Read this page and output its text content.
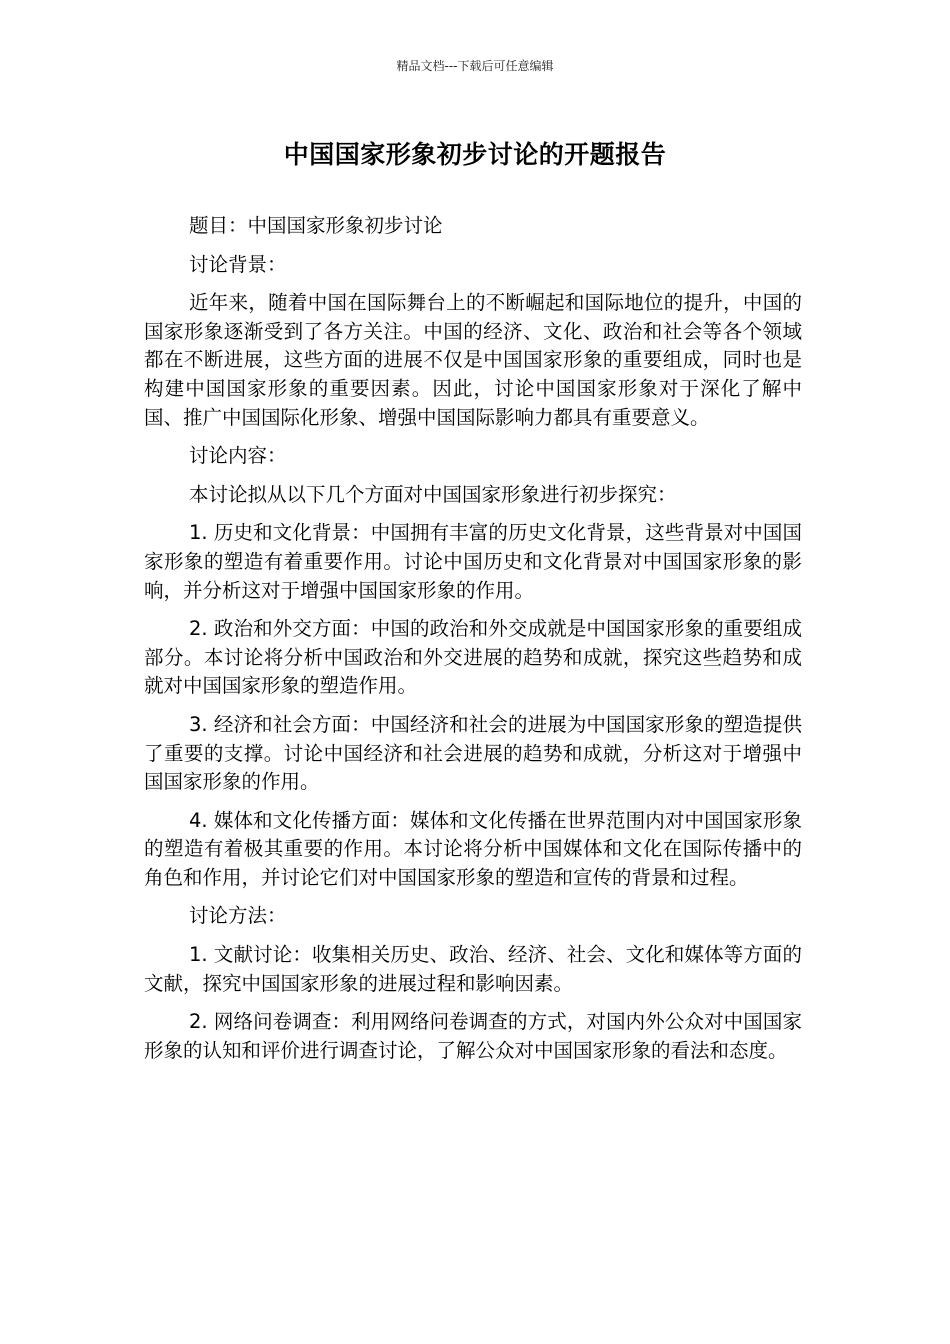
精品文档---下载后可任意编辑
中国国家形象初步讨论的开题报告

题目：中国国家形象初步讨论

讨论背景：

近年来，随着中国在国际舞台上的不断崛起和国际地位的提升，中国的国家形象逐渐受到了各方关注。中国的经济、文化、政治和社会等各个领域都在不断进展，这些方面的进展不仅是中国国家形象的重要组成，同时也是构建中国国家形象的重要因素。因此，讨论中国国家形象对于深化了解中国、推广中国国际化形象、增强中国国际影响力都具有重要意义。

讨论内容：

本讨论拟从以下几个方面对中国国家形象进行初步探究：

1. 历史和文化背景：中国拥有丰富的历史文化背景，这些背景对中国国家形象的塑造有着重要作用。讨论中国历史和文化背景对中国国家形象的影响，并分析这对于增强中国国家形象的作用。

2. 政治和外交方面：中国的政治和外交成就是中国国家形象的重要组成部分。本讨论将分析中国政治和外交进展的趋势和成就，探究这些趋势和成就对中国国家形象的塑造作用。

3. 经济和社会方面：中国经济和社会的进展为中国国家形象的塑造提供了重要的支撑。讨论中国经济和社会进展的趋势和成就，分析这对于增强中国国家形象的作用。

4. 媒体和文化传播方面：媒体和文化传播在世界范围内对中国国家形象的塑造有着极其重要的作用。本讨论将分析中国媒体和文化在国际传播中的角色和作用，并讨论它们对中国国家形象的塑造和宣传的背景和过程。

讨论方法：

1. 文献讨论：收集相关历史、政治、经济、社会、文化和媒体等方面的文献，探究中国国家形象的进展过程和影响因素。

2. 网络问卷调查：利用网络问卷调查的方式，对国内外公众对中国国家形象的认知和评价进行调查讨论，了解公众对中国国家形象的看法和态度。
